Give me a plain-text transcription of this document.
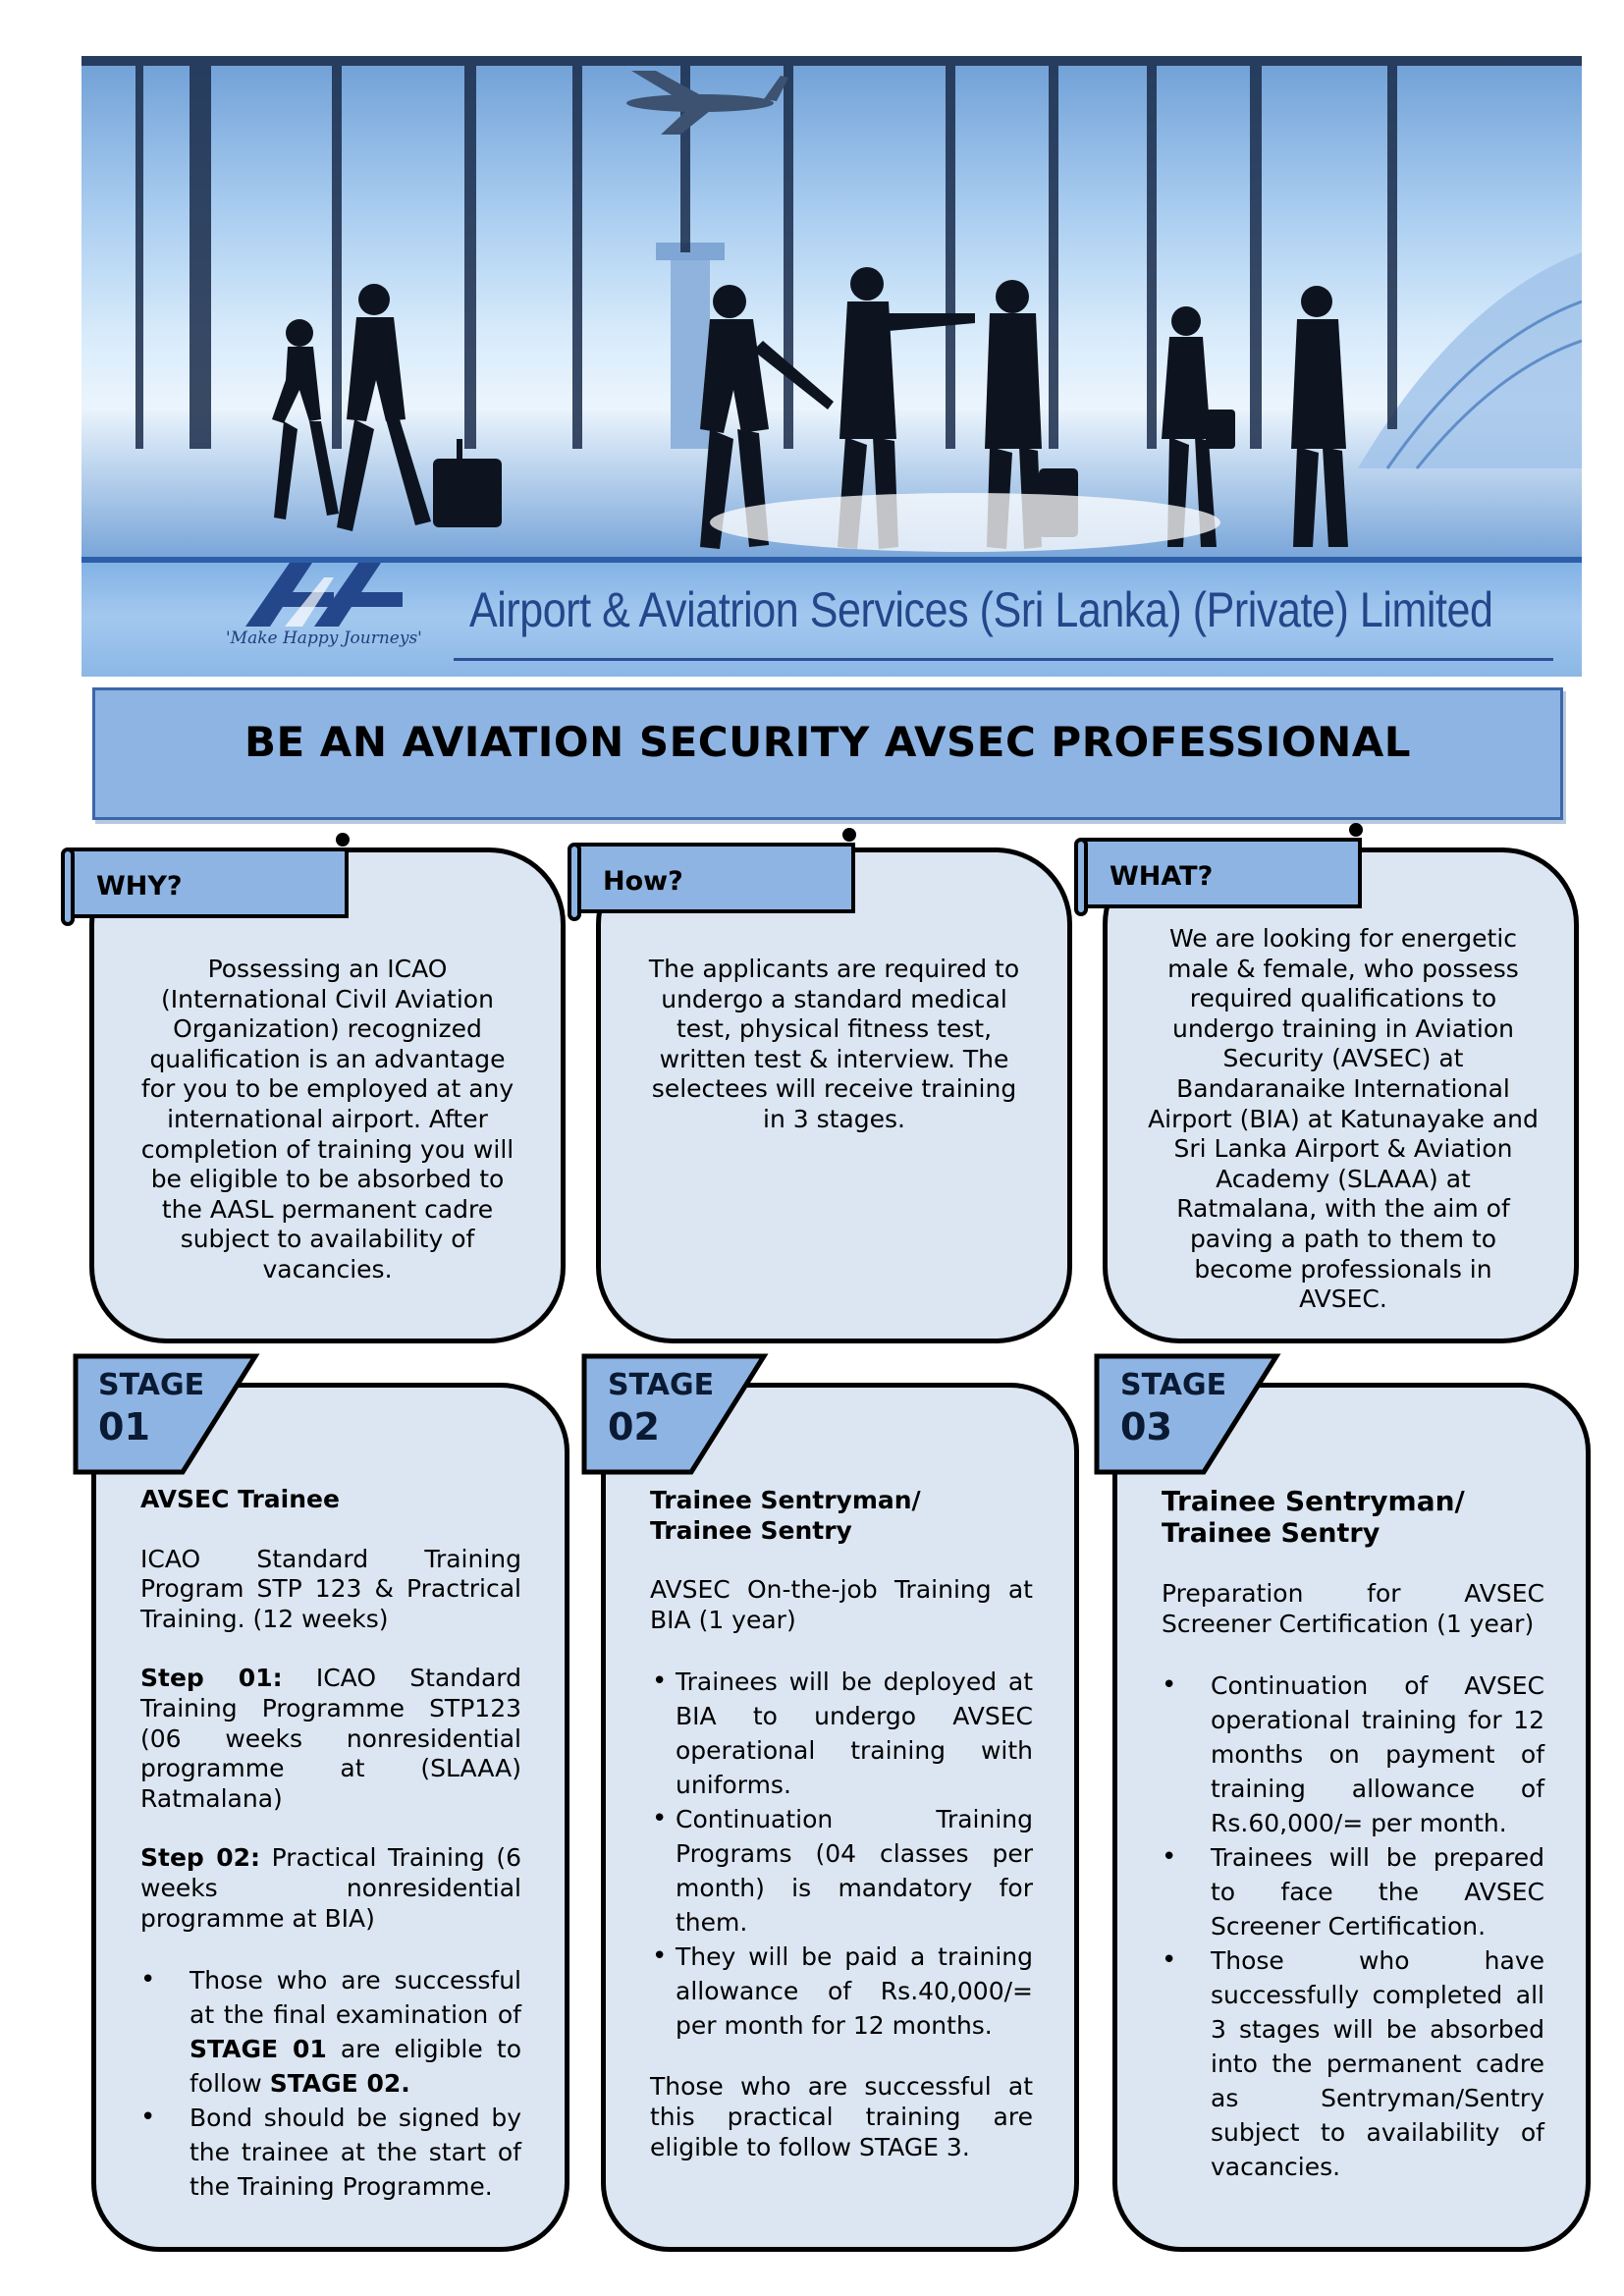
'Make Happy Journeys'
Airport & Aviatrion Services (Sri Lanka) (Private) Limited
BE AN AVIATION SECURITY AVSEC PROFESSIONAL
Possessing an ICAO (International Civil Aviation Organization) recognized qualification is an advantage for you to be employed at any international airport. After completion of training you will be eligible to be absorbed to the AASL permanent cadre subject to availability of vacancies.
WHY?
The applicants are required to undergo a standard medical test, physical fitness test, written test & interview. The selectees will receive training in 3 stages.
How?
We are looking for energetic male & female, who possess required qualifications to undergo training in Aviation Security (AVSEC) at Bandaranaike International Airport (BIA) at Katunayake and Sri Lanka Airport & Aviation Academy (SLAAA) at Ratmalana, with the aim of paving a path to them to become professionals in AVSEC.
WHAT?
STAGE
01
AVSEC Trainee

ICAO Standard Training Program STP 123 & Practrical Training. (12 weeks)

Step 01: ICAO Standard Training Programme STP123 (06 weeks nonresidential programme at (SLAAA) Ratmalana)

Step 02: Practical Training (6 weeks nonresidential programme at BIA)

• Those who are successful at the final examination of STAGE 01 are eligible to follow STAGE 02.
• Bond should be signed by the trainee at the start of the Training Programme.
STAGE
02
Trainee Sentryman/
Trainee Sentry

AVSEC On-the-job Training at BIA (1 year)

• Trainees will be deployed at BIA to undergo AVSEC operational training with uniforms.
• Continuation Training Programs (04 classes per month) is mandatory for them.
• They will be paid a training allowance of Rs.40,000/= per month for 12 months.

Those who are successful at this practical training are eligible to follow STAGE 3.

STAGE
03
Trainee Sentryman/
Trainee Sentry

Preparation for AVSEC Screener Certification (1 year)

• Continuation of AVSEC operational training for 12 months on payment of training allowance of Rs.60,000/= per month.
• Trainees will be prepared to face the AVSEC Screener Certification.
• Those who have successfully completed all 3 stages will be absorbed into the permanent cadre as Sentryman/Sentry subject to availability of vacancies.
